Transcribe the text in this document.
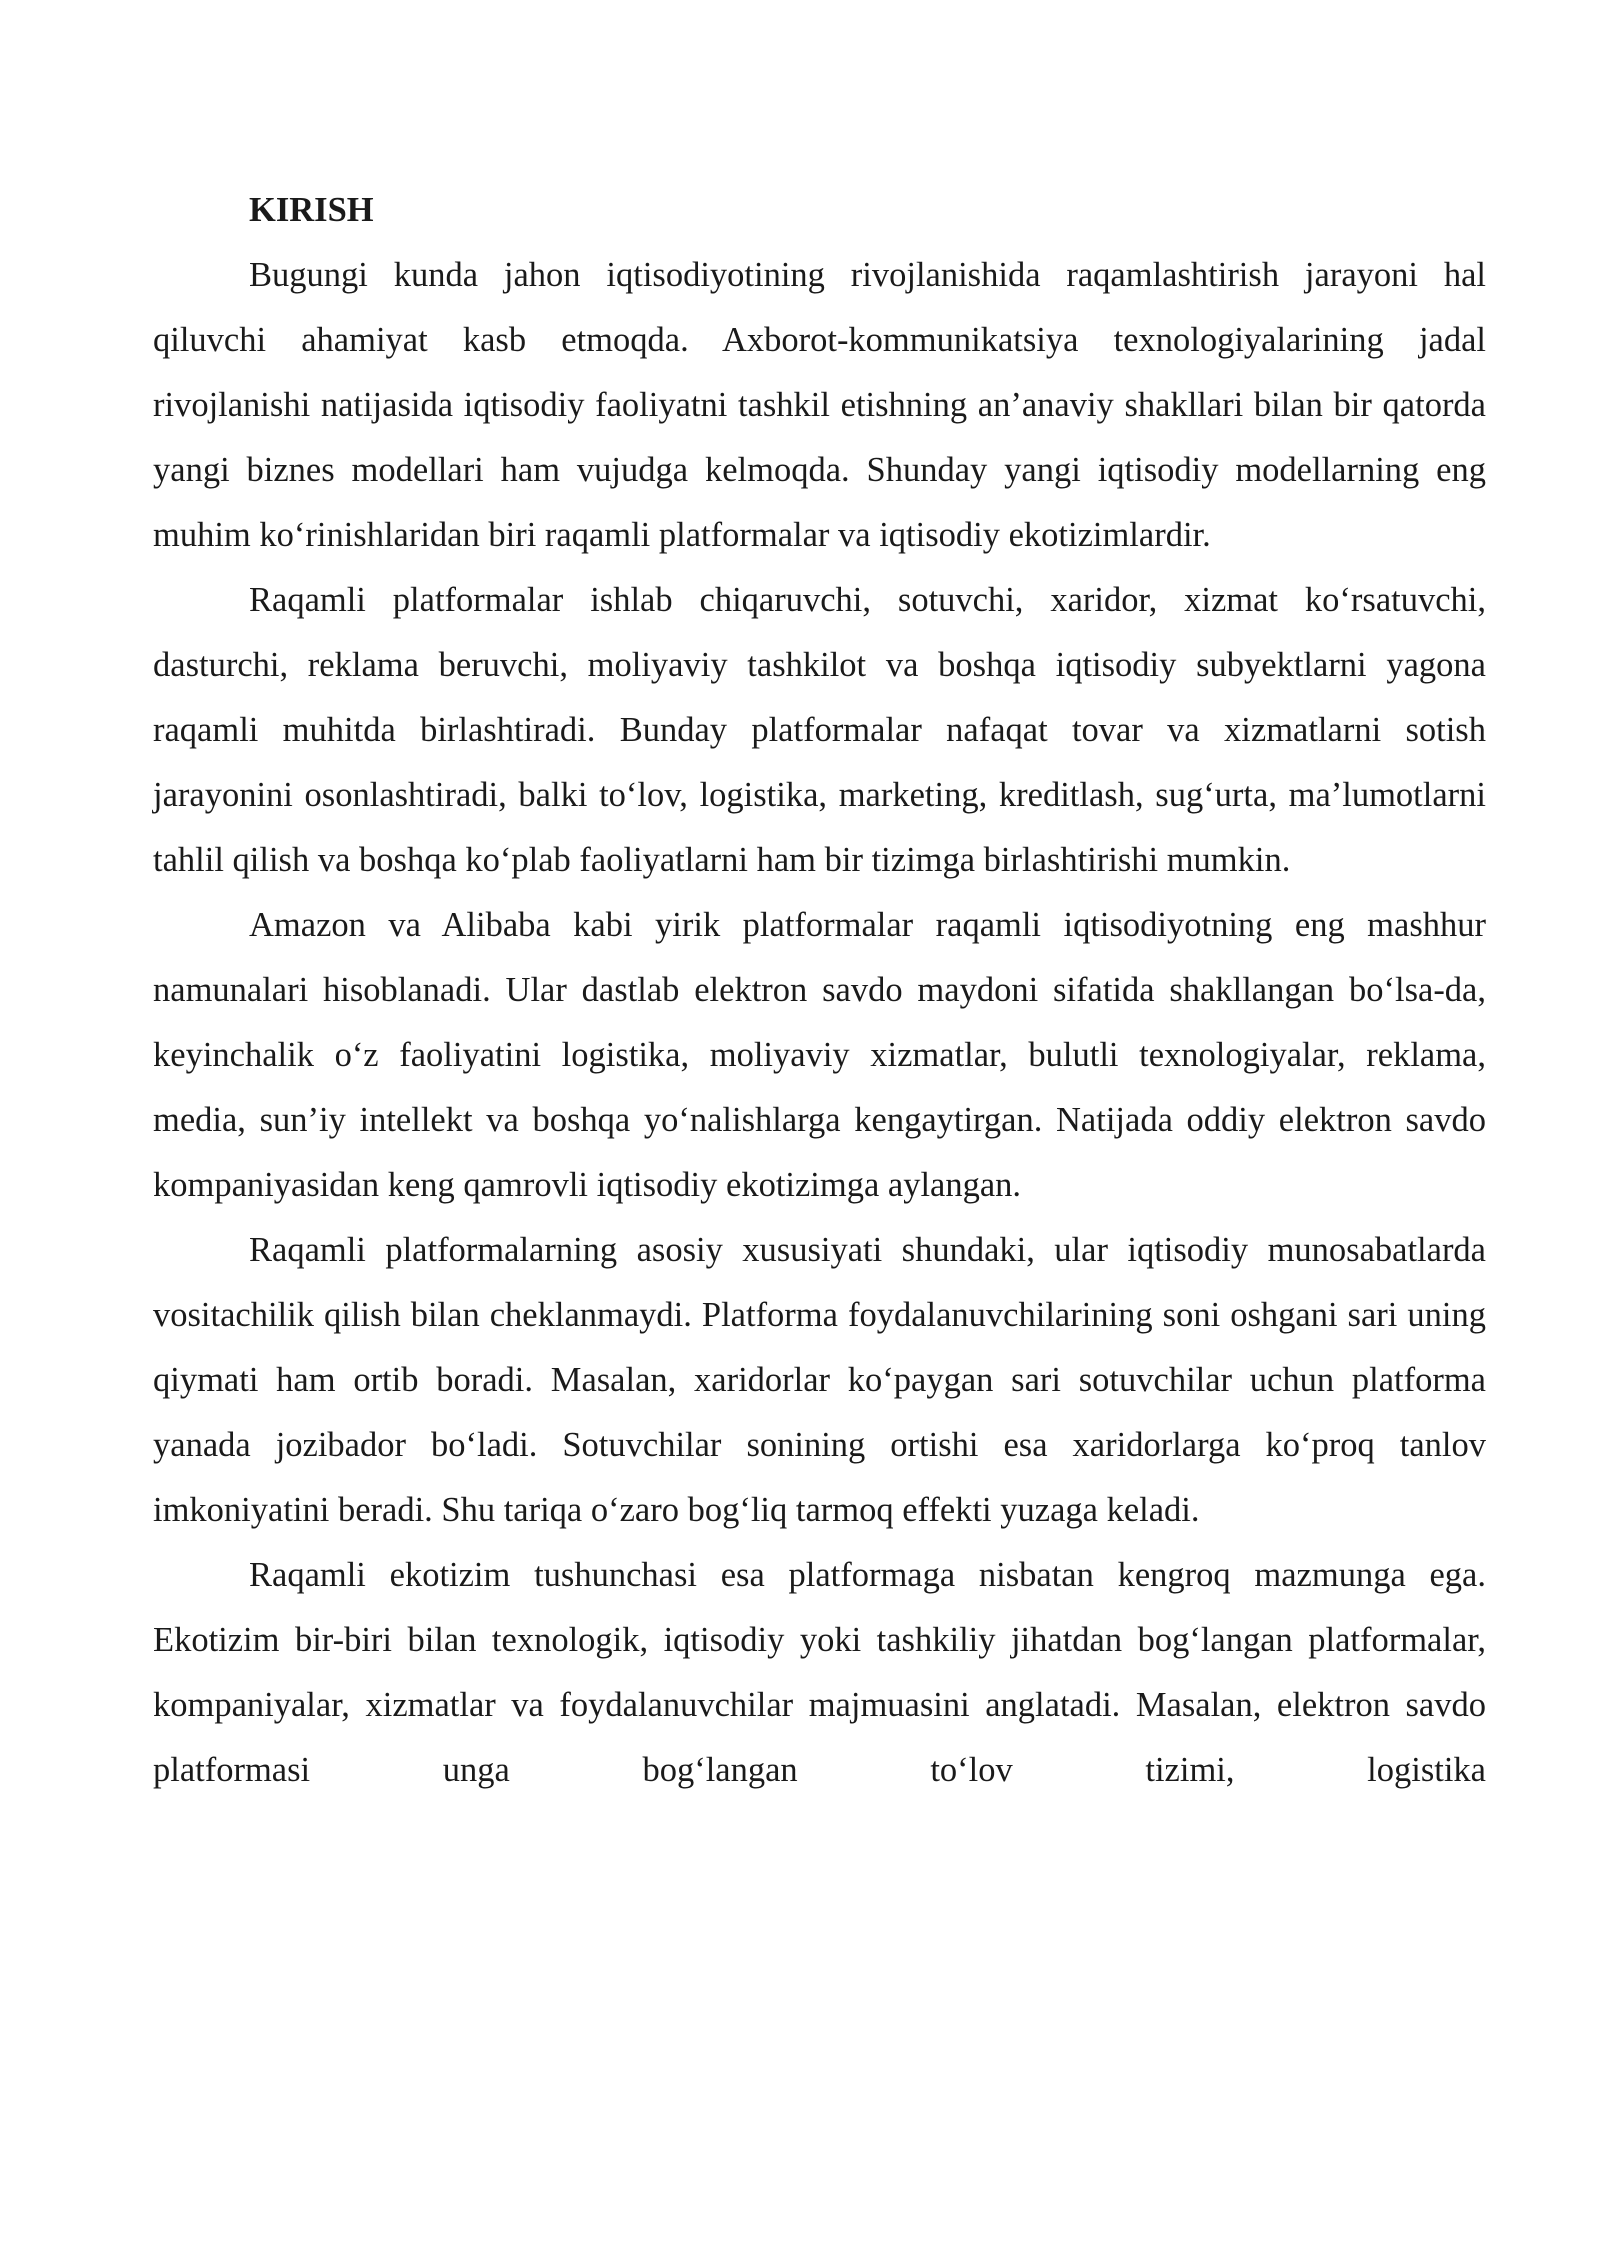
KIRISH

Bugungi kunda jahon iqtisodiyotining rivojlanishida raqamlashtirish jarayoni hal qiluvchi ahamiyat kasb etmoqda. Axborot-kommunikatsiya texnologiyalarining jadal rivojlanishi natijasida iqtisodiy faoliyatni tashkil etishning an’anaviy shakllari bilan bir qatorda yangi biznes modellari ham vujudga kelmoqda. Shunday yangi iqtisodiy modellarning eng muhim ko‘rinishlaridan biri raqamli platformalar va iqtisodiy ekotizimlardir.

Raqamli platformalar ishlab chiqaruvchi, sotuvchi, xaridor, xizmat ko‘rsatuvchi, dasturchi, reklama beruvchi, moliyaviy tashkilot va boshqa iqtisodiy subyektlarni yagona raqamli muhitda birlashtiradi. Bunday platformalar nafaqat tovar va xizmatlarni sotish jarayonini osonlashtiradi, balki to‘lov, logistika, marketing, kreditlash, sug‘urta, ma’lumotlarni tahlil qilish va boshqa ko‘plab faoliyatlarni ham bir tizimga birlashtirishi mumkin.

Amazon va Alibaba kabi yirik platformalar raqamli iqtisodiyotning eng mashhur namunalari hisoblanadi. Ular dastlab elektron savdo maydoni sifatida shakllangan bo‘lsa-da, keyinchalik o‘z faoliyatini logistika, moliyaviy xizmatlar, bulutli texnologiyalar, reklama, media, sun’iy intellekt va boshqa yo‘nalishlarga kengaytirgan. Natijada oddiy elektron savdo kompaniyasidan keng qamrovli iqtisodiy ekotizimga aylangan.

Raqamli platformalarning asosiy xususiyati shundaki, ular iqtisodiy munosabatlarda vositachilik qilish bilan cheklanmaydi. Platforma foydalanuvchilarining soni oshgani sari uning qiymati ham ortib boradi. Masalan, xaridorlar ko‘paygan sari sotuvchilar uchun platforma yanada jozibador bo‘ladi. Sotuvchilar sonining ortishi esa xaridorlarga ko‘proq tanlov imkoniyatini beradi. Shu tariqa o‘zaro bog‘liq tarmoq effekti yuzaga keladi.

Raqamli ekotizim tushunchasi esa platformaga nisbatan kengroq mazmunga ega. Ekotizim bir-biri bilan texnologik, iqtisodiy yoki tashkiliy jihatdan bog‘langan platformalar, kompaniyalar, xizmatlar va foydalanuvchilar majmuasini anglatadi. Masalan, elektron savdo platformasi unga bog‘langan to‘lov tizimi, logistika
